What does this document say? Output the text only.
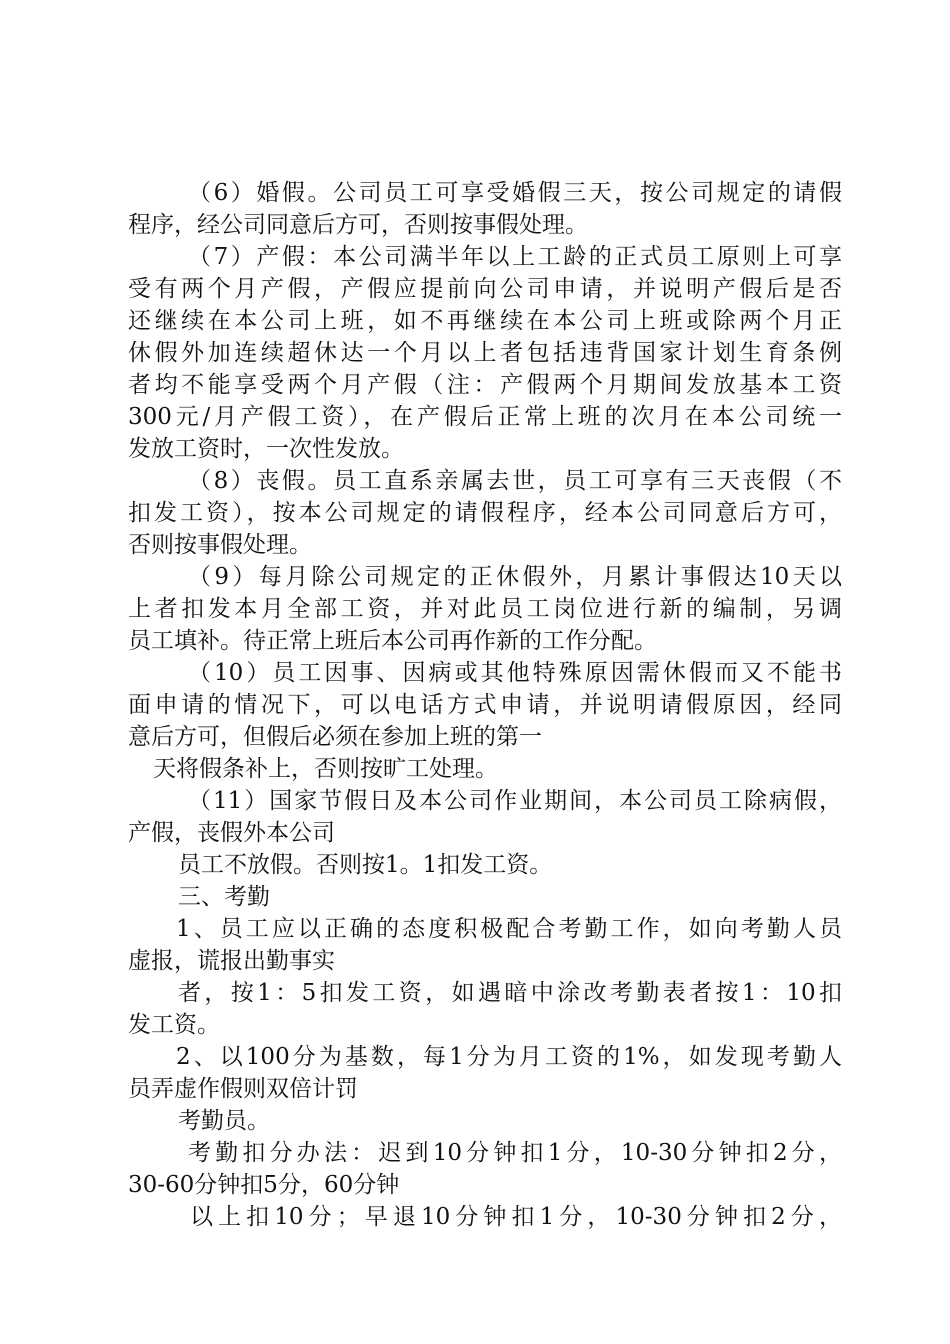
（6）婚假。公司员工可享受婚假三天，按公司规定的请假

程序，经公司同意后方可，否则按事假处理。

（7）产假：本公司满半年以上工龄的正式员工原则上可享

受有两个月产假，产假应提前向公司申请，并说明产假后是否

还继续在本公司上班，如不再继续在本公司上班或除两个月正

休假外加连续超休达一个月以上者包括违背国家计划生育条例

者均不能享受两个月产假（注：产假两个月期间发放基本工资

300元/月产假工资），在产假后正常上班的次月在本公司统一

发放工资时，一次性发放。

（8）丧假。员工直系亲属去世，员工可享有三天丧假（不

扣发工资），按本公司规定的请假程序，经本公司同意后方可，

否则按事假处理。

（9）每月除公司规定的正休假外，月累计事假达10天以

上者扣发本月全部工资，并对此员工岗位进行新的编制，另调

员工填补。待正常上班后本公司再作新的工作分配。

（10）员工因事、因病或其他特殊原因需休假而又不能书

面申请的情况下，可以电话方式申请，并说明请假原因，经同

意后方可，但假后必须在参加上班的第一

天将假条补上，否则按旷工处理。

（11）国家节假日及本公司作业期间，本公司员工除病假，

产假，丧假外本公司

员工不放假。否则按1。1扣发工资。

三、考勤

1、员工应以正确的态度积极配合考勤工作，如向考勤人员

虚报，谎报出勤事实

者，按1：5扣发工资，如遇暗中涂改考勤表者按1：10扣

发工资。

2、以100分为基数，每1分为月工资的1%，如发现考勤人

员弄虚作假则双倍计罚

考勤员。

考勤扣分办法：迟到10分钟扣1分，10-30分钟扣2分，

30-60分钟扣5分，60分钟

以上扣10分；早退10分钟扣1分，10-30分钟扣2分，
